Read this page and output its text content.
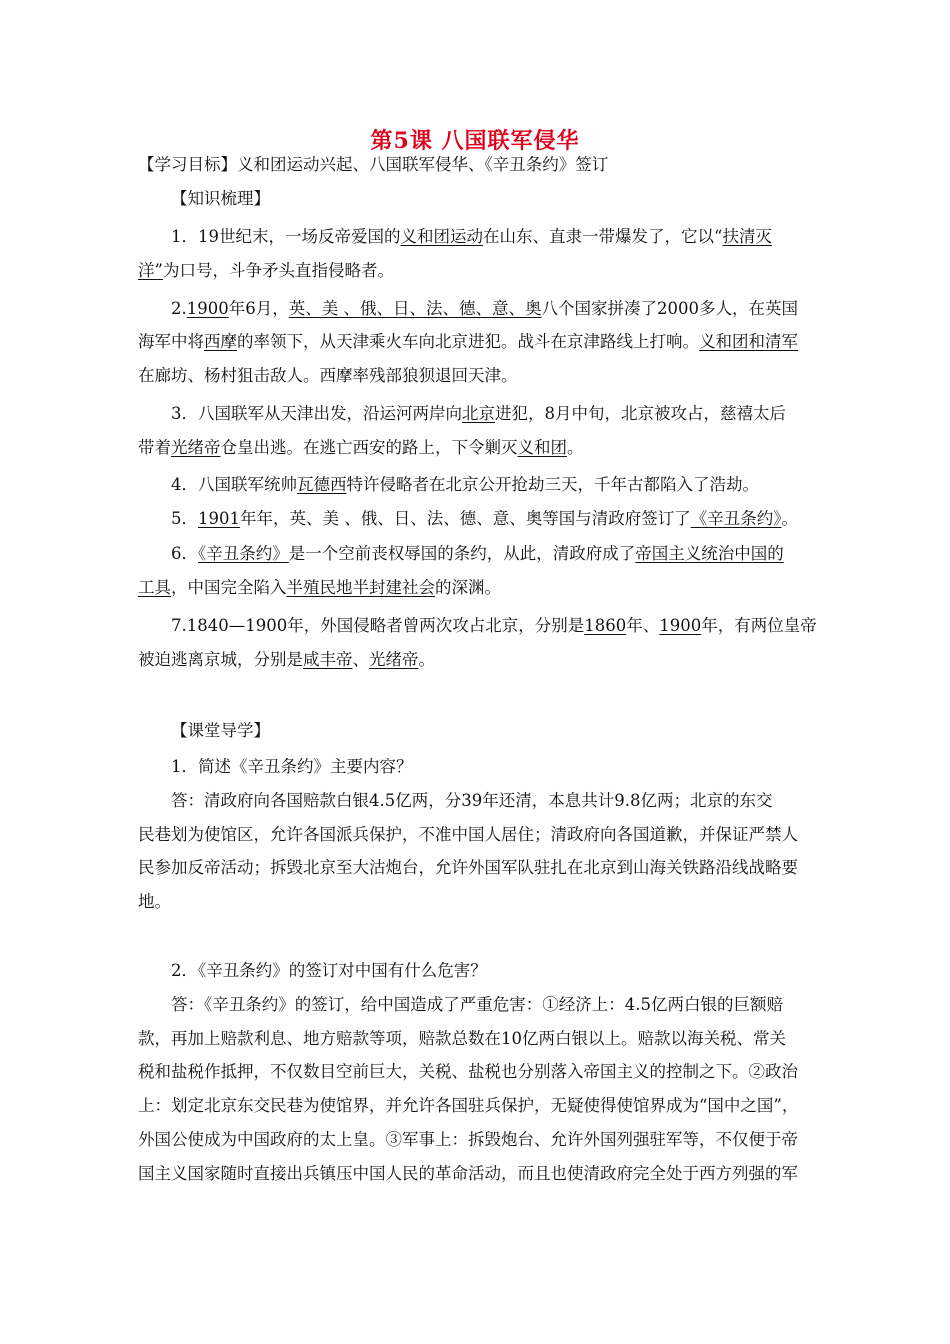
第5课 八国联军侵华

【学习目标】义和团运动兴起、八国联军侵华、《辛丑条约》签订

【知识梳理】

1．19世纪末，一场反帝爱国的义和团运动在山东、直隶一带爆发了，它以“扶清灭

洋”为口号，斗争矛头直指侵略者。

2.1900年6月，英、美 、俄、日、法、德、意、奥八个国家拼凑了2000多人，在英国

海军中将西摩的率领下，从天津乘火车向北京进犯。战斗在京津路线上打响。义和团和清军

在廊坊、杨村狙击敌人。西摩率残部狼狈退回天津。

3．八国联军从天津出发，沿运河两岸向北京进犯，8月中旬，北京被攻占，慈禧太后

带着光绪帝仓皇出逃。在逃亡西安的路上，下令剿灭义和团。

4．八国联军统帅瓦德西特许侵略者在北京公开抢劫三天，千年古都陷入了浩劫。

5．1901年年，英、美 、俄、日、法、德、意、奥等国与清政府签订了《辛丑条约》。

6．《辛丑条约》是一个空前丧权辱国的条约，从此，清政府成了帝国主义统治中国的

工具，中国完全陷入半殖民地半封建社会的深渊。

7.1840—1900年，外国侵略者曾两次攻占北京，分别是1860年、1900年，有两位皇帝

被迫逃离京城，分别是咸丰帝、光绪帝。

【课堂导学】

1．简述《辛丑条约》主要内容？

答：清政府向各国赔款白银4.5亿两，分39年还清，本息共计9.8亿两；北京的东交

民巷划为使馆区，允许各国派兵保护，不准中国人居住；清政府向各国道歉，并保证严禁人

民参加反帝活动；拆毁北京至大沽炮台，允许外国军队驻扎在北京到山海关铁路沿线战略要

地。

2．《辛丑条约》的签订对中国有什么危害？

答：《辛丑条约》的签订，给中国造成了严重危害：①经济上：4.5亿两白银的巨额赔

款，再加上赔款利息、地方赔款等项，赔款总数在10亿两白银以上。赔款以海关税、常关

税和盐税作抵押，不仅数目空前巨大，关税、盐税也分别落入帝国主义的控制之下。②政治

上：划定北京东交民巷为使馆界，并允许各国驻兵保护，无疑使得使馆界成为“国中之国”，

外国公使成为中国政府的太上皇。③军事上：拆毁炮台、允许外国列强驻军等，不仅便于帝

国主义国家随时直接出兵镇压中国人民的革命活动，而且也使清政府完全处于西方列强的军
